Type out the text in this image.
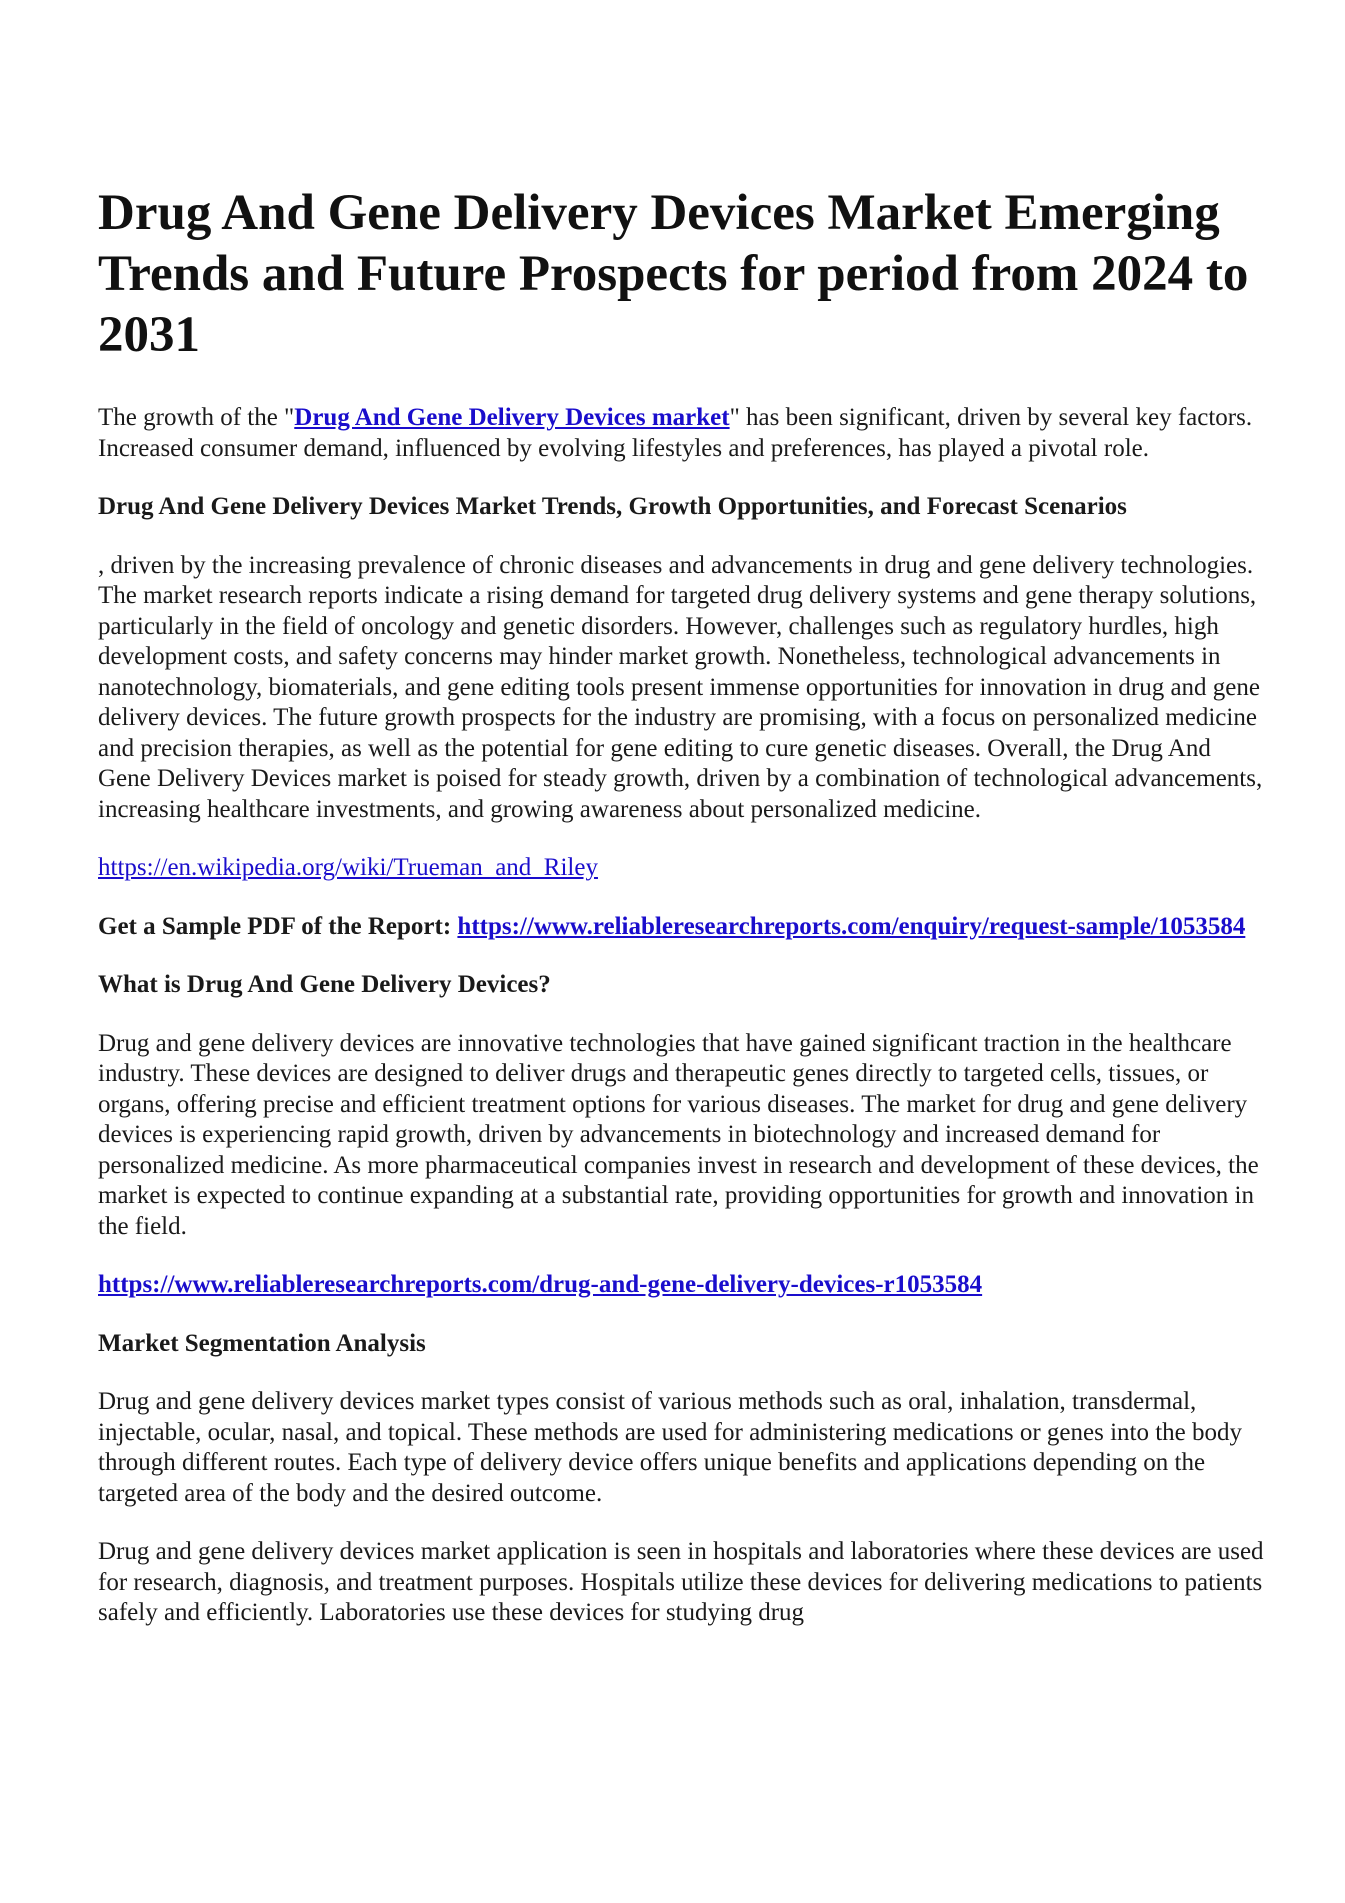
Drug And Gene Delivery Devices Market Emerging Trends and Future Prospects for period from 2024 to 2031

The growth of the "Drug And Gene Delivery Devices market" has been significant, driven by several key factors. Increased consumer demand, influenced by evolving lifestyles and preferences, has played a pivotal role.

Drug And Gene Delivery Devices Market Trends, Growth Opportunities, and Forecast Scenarios

, driven by the increasing prevalence of chronic diseases and advancements in drug and gene delivery technologies. The market research reports indicate a rising demand for targeted drug delivery systems and gene therapy solutions, particularly in the field of oncology and genetic disorders. However, challenges such as regulatory hurdles, high development costs, and safety concerns may hinder market growth. Nonetheless, technological advancements in nanotechnology, biomaterials, and gene editing tools present immense opportunities for innovation in drug and gene delivery devices. The future growth prospects for the industry are promising, with a focus on personalized medicine and precision therapies, as well as the potential for gene editing to cure genetic diseases. Overall, the Drug And Gene Delivery Devices market is poised for steady growth, driven by a combination of technological advancements, increasing healthcare investments, and growing awareness about personalized medicine.

https://en.wikipedia.org/wiki/Trueman_and_Riley

Get a Sample PDF of the Report: https://www.reliableresearchreports.com/enquiry/request-sample/1053584

What is Drug And Gene Delivery Devices?

Drug and gene delivery devices are innovative technologies that have gained significant traction in the healthcare industry. These devices are designed to deliver drugs and therapeutic genes directly to targeted cells, tissues, or organs, offering precise and efficient treatment options for various diseases. The market for drug and gene delivery devices is experiencing rapid growth, driven by advancements in biotechnology and increased demand for personalized medicine. As more pharmaceutical companies invest in research and development of these devices, the market is expected to continue expanding at a substantial rate, providing opportunities for growth and innovation in the field.

https://www.reliableresearchreports.com/drug-and-gene-delivery-devices-r1053584

Market Segmentation Analysis

Drug and gene delivery devices market types consist of various methods such as oral, inhalation, transdermal, injectable, ocular, nasal, and topical. These methods are used for administering medications or genes into the body through different routes. Each type of delivery device offers unique benefits and applications depending on the targeted area of the body and the desired outcome.

Drug and gene delivery devices market application is seen in hospitals and laboratories where these devices are used for research, diagnosis, and treatment purposes. Hospitals utilize these devices for delivering medications to patients safely and efficiently. Laboratories use these devices for studying drug
